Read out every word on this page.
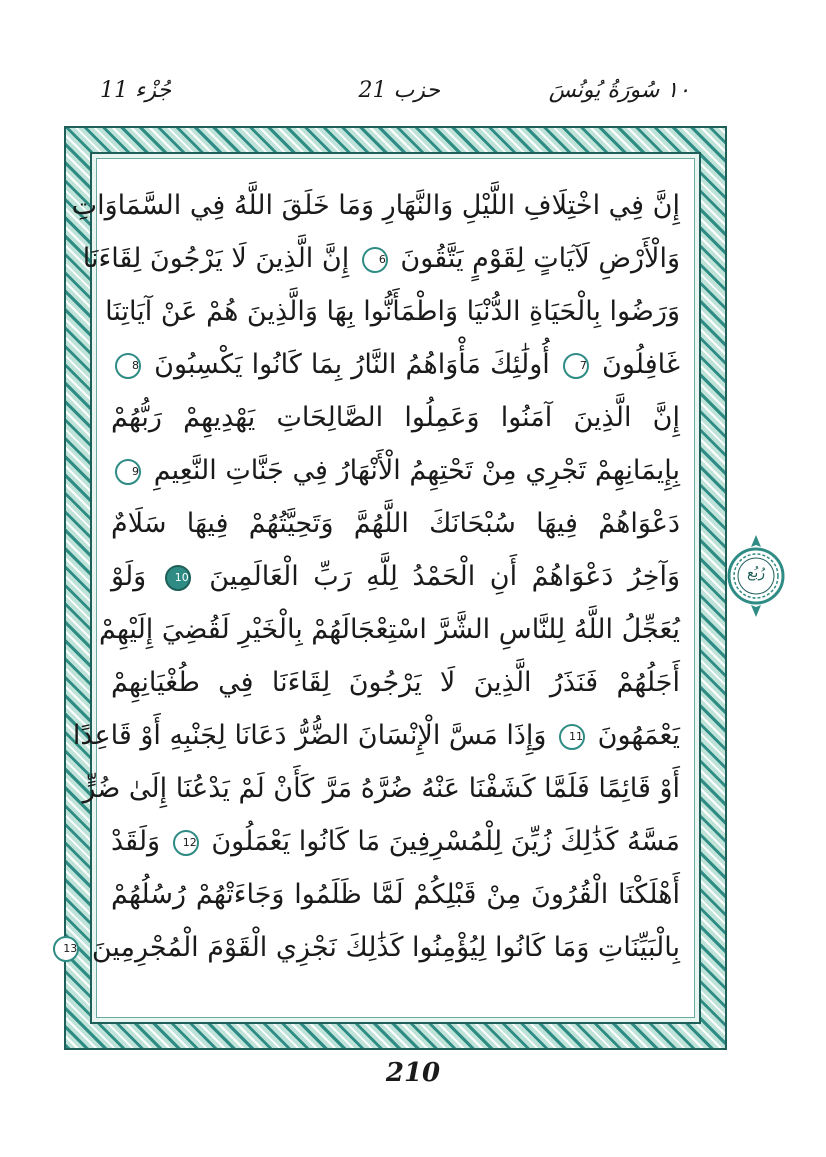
١٠ سُورَةُ يُونُسَ
حزب 21
جُزْء 11
إِنَّ فِي اخْتِلَافِ اللَّيْلِ وَالنَّهَارِ وَمَا خَلَقَ اللَّهُ فِي السَّمَاوَاتِ
وَالْأَرْضِ لَآيَاتٍ لِقَوْمٍ يَتَّقُونَ 6 إِنَّ الَّذِينَ لَا يَرْجُونَ لِقَاءَنَا
وَرَضُوا بِالْحَيَاةِ الدُّنْيَا وَاطْمَأَنُّوا بِهَا وَالَّذِينَ هُمْ عَنْ آيَاتِنَا
غَافِلُونَ 7 أُولَٰئِكَ مَأْوَاهُمُ النَّارُ بِمَا كَانُوا يَكْسِبُونَ 8
إِنَّ الَّذِينَ آمَنُوا وَعَمِلُوا الصَّالِحَاتِ يَهْدِيهِمْ رَبُّهُمْ
بِإِيمَانِهِمْ تَجْرِي مِنْ تَحْتِهِمُ الْأَنْهَارُ فِي جَنَّاتِ النَّعِيمِ 9
دَعْوَاهُمْ فِيهَا سُبْحَانَكَ اللَّهُمَّ وَتَحِيَّتُهُمْ فِيهَا سَلَامٌ
وَآخِرُ دَعْوَاهُمْ أَنِ الْحَمْدُ لِلَّهِ رَبِّ الْعَالَمِينَ 10 وَلَوْ
يُعَجِّلُ اللَّهُ لِلنَّاسِ الشَّرَّ اسْتِعْجَالَهُمْ بِالْخَيْرِ لَقُضِيَ إِلَيْهِمْ
أَجَلُهُمْ فَنَذَرُ الَّذِينَ لَا يَرْجُونَ لِقَاءَنَا فِي طُغْيَانِهِمْ
يَعْمَهُونَ 11 وَإِذَا مَسَّ الْإِنْسَانَ الضُّرُّ دَعَانَا لِجَنْبِهِ أَوْ قَاعِدًا
أَوْ قَائِمًا فَلَمَّا كَشَفْنَا عَنْهُ ضُرَّهُ مَرَّ كَأَنْ لَمْ يَدْعُنَا إِلَىٰ ضُرٍّ
مَسَّهُ كَذَٰلِكَ زُيِّنَ لِلْمُسْرِفِينَ مَا كَانُوا يَعْمَلُونَ 12 وَلَقَدْ
أَهْلَكْنَا الْقُرُونَ مِنْ قَبْلِكُمْ لَمَّا ظَلَمُوا وَجَاءَتْهُمْ رُسُلُهُمْ
بِالْبَيِّنَاتِ وَمَا كَانُوا لِيُؤْمِنُوا كَذَٰلِكَ نَجْزِي الْقَوْمَ الْمُجْرِمِينَ 13
رُبُع
210
